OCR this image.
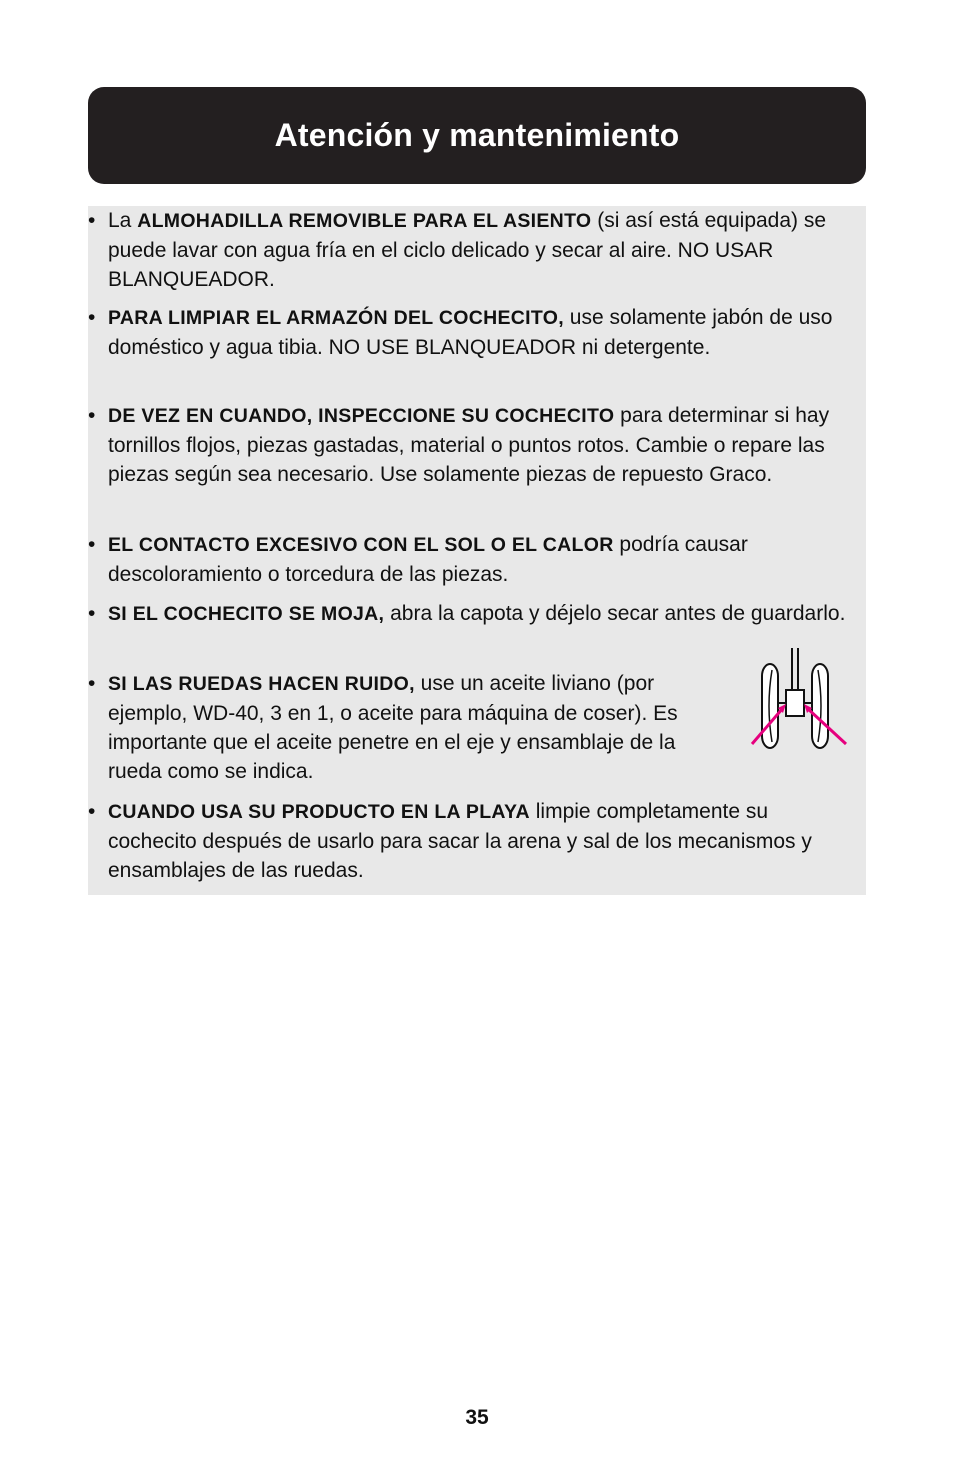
Atención y mantenimiento
• La ALMOHADILLA REMOVIBLE PARA EL ASIENTO (si así está equipada) se puede lavar con agua fría en el ciclo delicado y secar al aire. NO USAR BLANQUEADOR.
• PARA LIMPIAR EL ARMAZÓN DEL COCHECITO, use solamente jabón de uso doméstico y agua tibia. NO USE BLANQUEADOR ni detergente.
• DE VEZ EN CUANDO, INSPECCIONE SU COCHECITO para determinar si hay tornillos flojos, piezas gastadas, material o puntos rotos. Cambie o repare las piezas según sea necesario. Use solamente piezas de repuesto Graco.
• EL CONTACTO EXCESIVO CON EL SOL O EL CALOR podría causar descoloramiento o torcedura de las piezas.
• SI EL COCHECITO SE MOJA, abra la capota y déjelo secar antes de guardarlo.
• SI LAS RUEDAS HACEN RUIDO, use un aceite liviano (por ejemplo, WD-40, 3 en 1, o aceite para máquina de coser). Es importante que el aceite penetre en el eje y ensamblaje de la rueda como se indica.
• CUANDO USA SU PRODUCTO EN LA PLAYA limpie completamente su cochecito después de usarlo para sacar la arena y sal de los mecanismos y ensamblajes de las ruedas.
35
